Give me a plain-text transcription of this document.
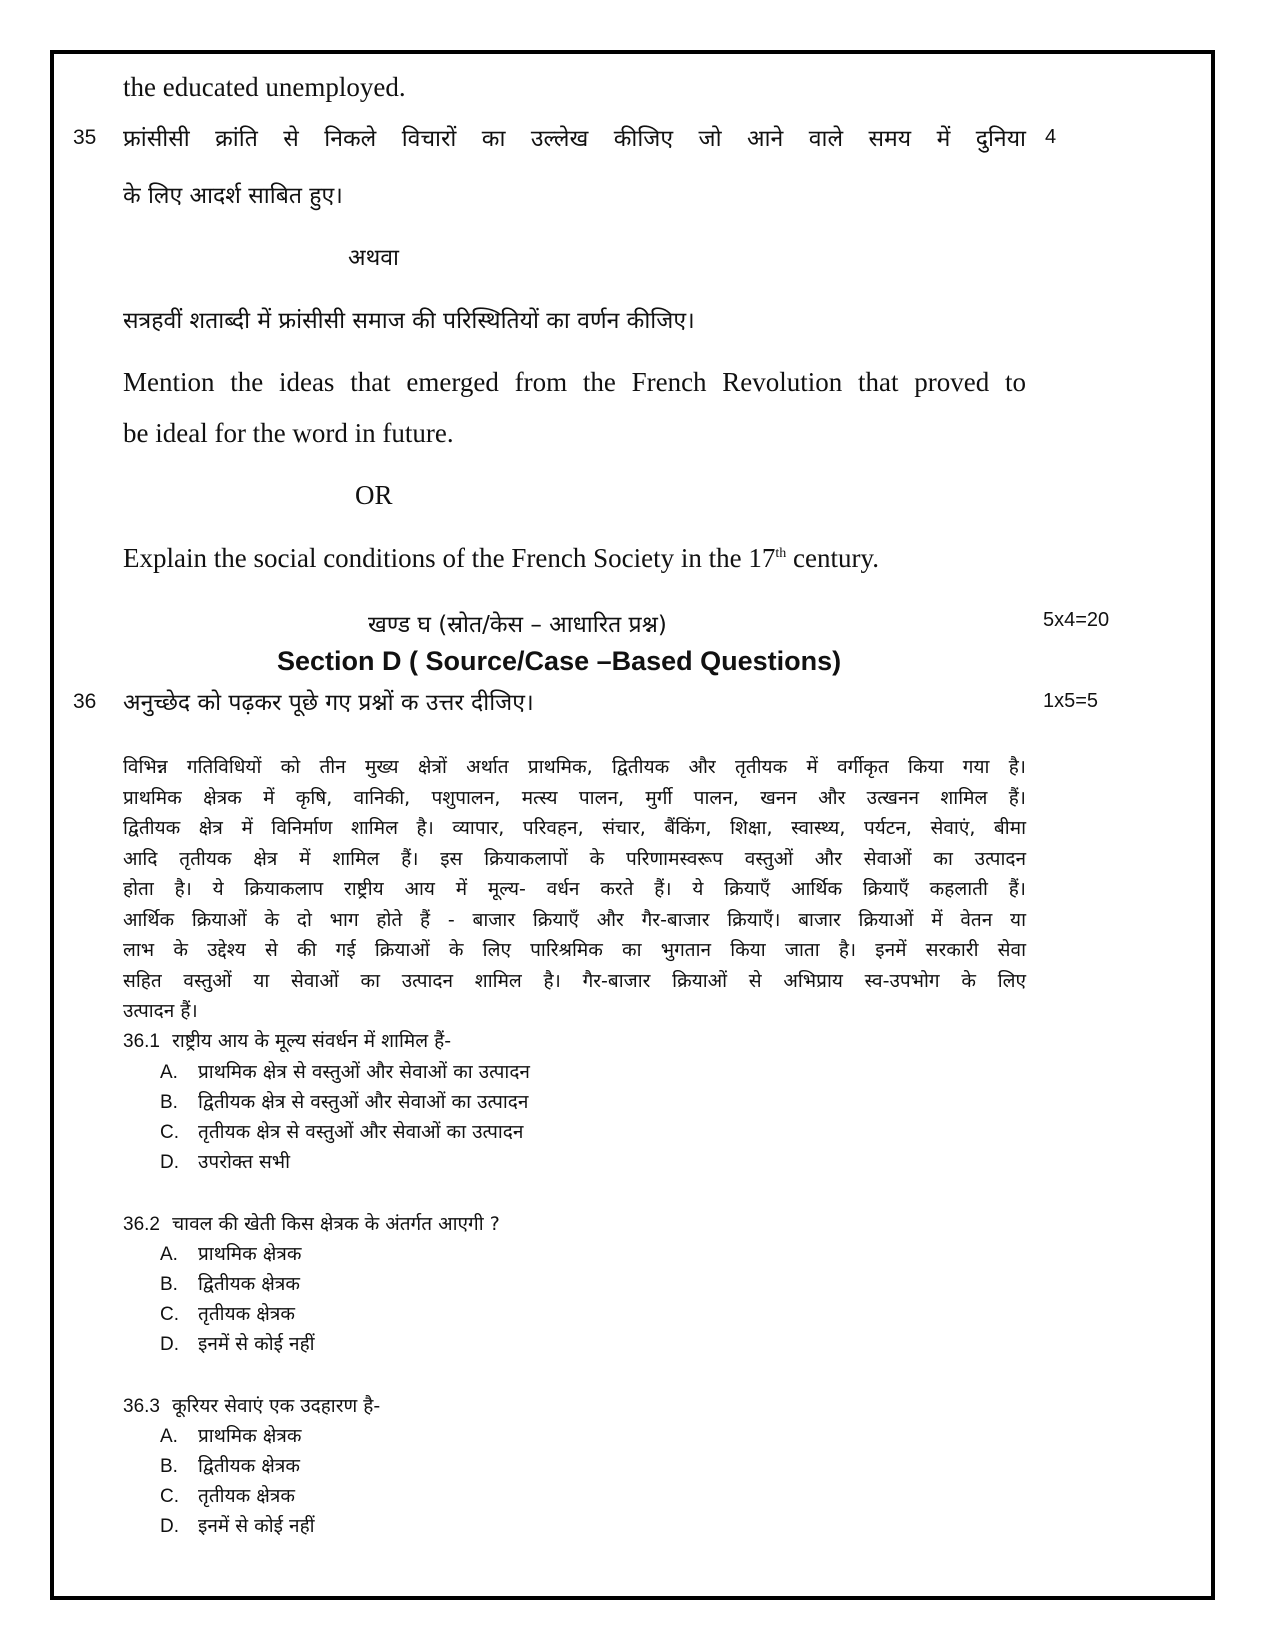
the educated unemployed.
35 फ्रांसीसी क्रांति से निकले विचारों का उल्लेख कीजिए जो आने वाले समय में दुनिया 4
के लिए आदर्श साबित हुए।
अथवा
सत्रहवीं शताब्दी में फ्रांसीसी समाज की परिस्थितियों का वर्णन कीजिए।
Mention the ideas that emerged from the French Revolution that proved to
be ideal for the word in future.
OR
Explain the social conditions of the French Society in the 17th century.
खण्ड घ (स्रोत/केस – आधारित प्रश्न)	5x4=20
Section D ( Source/Case –Based Questions)
36 अनुच्छेद को पढ़कर पूछे गए प्रश्नों क उत्तर दीजिए।	1x5=5

विभिन्न गतिविधियों को तीन मुख्य क्षेत्रों अर्थात प्राथमिक, द्वितीयक और तृतीयक में वर्गीकृत किया गया है।

प्राथमिक क्षेत्रक में कृषि, वानिकी, पशुपालन, मत्स्य पालन, मुर्गी पालन, खनन और उत्खनन शामिल हैं।

द्वितीयक क्षेत्र में विनिर्माण शामिल है। व्यापार, परिवहन, संचार, बैंकिंग, शिक्षा, स्वास्थ्य, पर्यटन, सेवाएं, बीमा

आदि तृतीयक क्षेत्र में शामिल हैं। इस क्रियाकलापों के परिणामस्वरूप वस्तुओं और सेवाओं का उत्पादन

होता है। ये क्रियाकलाप राष्ट्रीय आय में मूल्य- वर्धन करते हैं। ये क्रियाएँ आर्थिक क्रियाएँ कहलाती हैं।

आर्थिक क्रियाओं के दो भाग होते हैं - बाजार क्रियाएँ और गैर-बाजार क्रियाएँ। बाजार क्रियाओं में वेतन या

लाभ के उद्देश्य से की गई क्रियाओं के लिए पारिश्रमिक का भुगतान किया जाता है। इनमें सरकारी सेवा

सहित वस्तुओं या सेवाओं का उत्पादन शामिल है। गैर-बाजार क्रियाओं से अभिप्राय स्व-उपभोग के लिए

उत्पादन हैं।

36.1 राष्ट्रीय आय के मूल्य संवर्धन में शामिल हैं-
A. प्राथमिक क्षेत्र से वस्तुओं और सेवाओं का उत्पादन
B. द्वितीयक क्षेत्र से वस्तुओं और सेवाओं का उत्पादन
C. तृतीयक क्षेत्र से वस्तुओं और सेवाओं का उत्पादन
D. उपरोक्त सभी
36.2 चावल की खेती किस क्षेत्रक के अंतर्गत आएगी ?
A. प्राथमिक क्षेत्रक
B. द्वितीयक क्षेत्रक
C. तृतीयक क्षेत्रक
D. इनमें से कोई नहीं
36.3 कूरियर सेवाएं एक उदहारण है-
A. प्राथमिक क्षेत्रक
B. द्वितीयक क्षेत्रक
C. तृतीयक क्षेत्रक
D. इनमें से कोई नहीं
